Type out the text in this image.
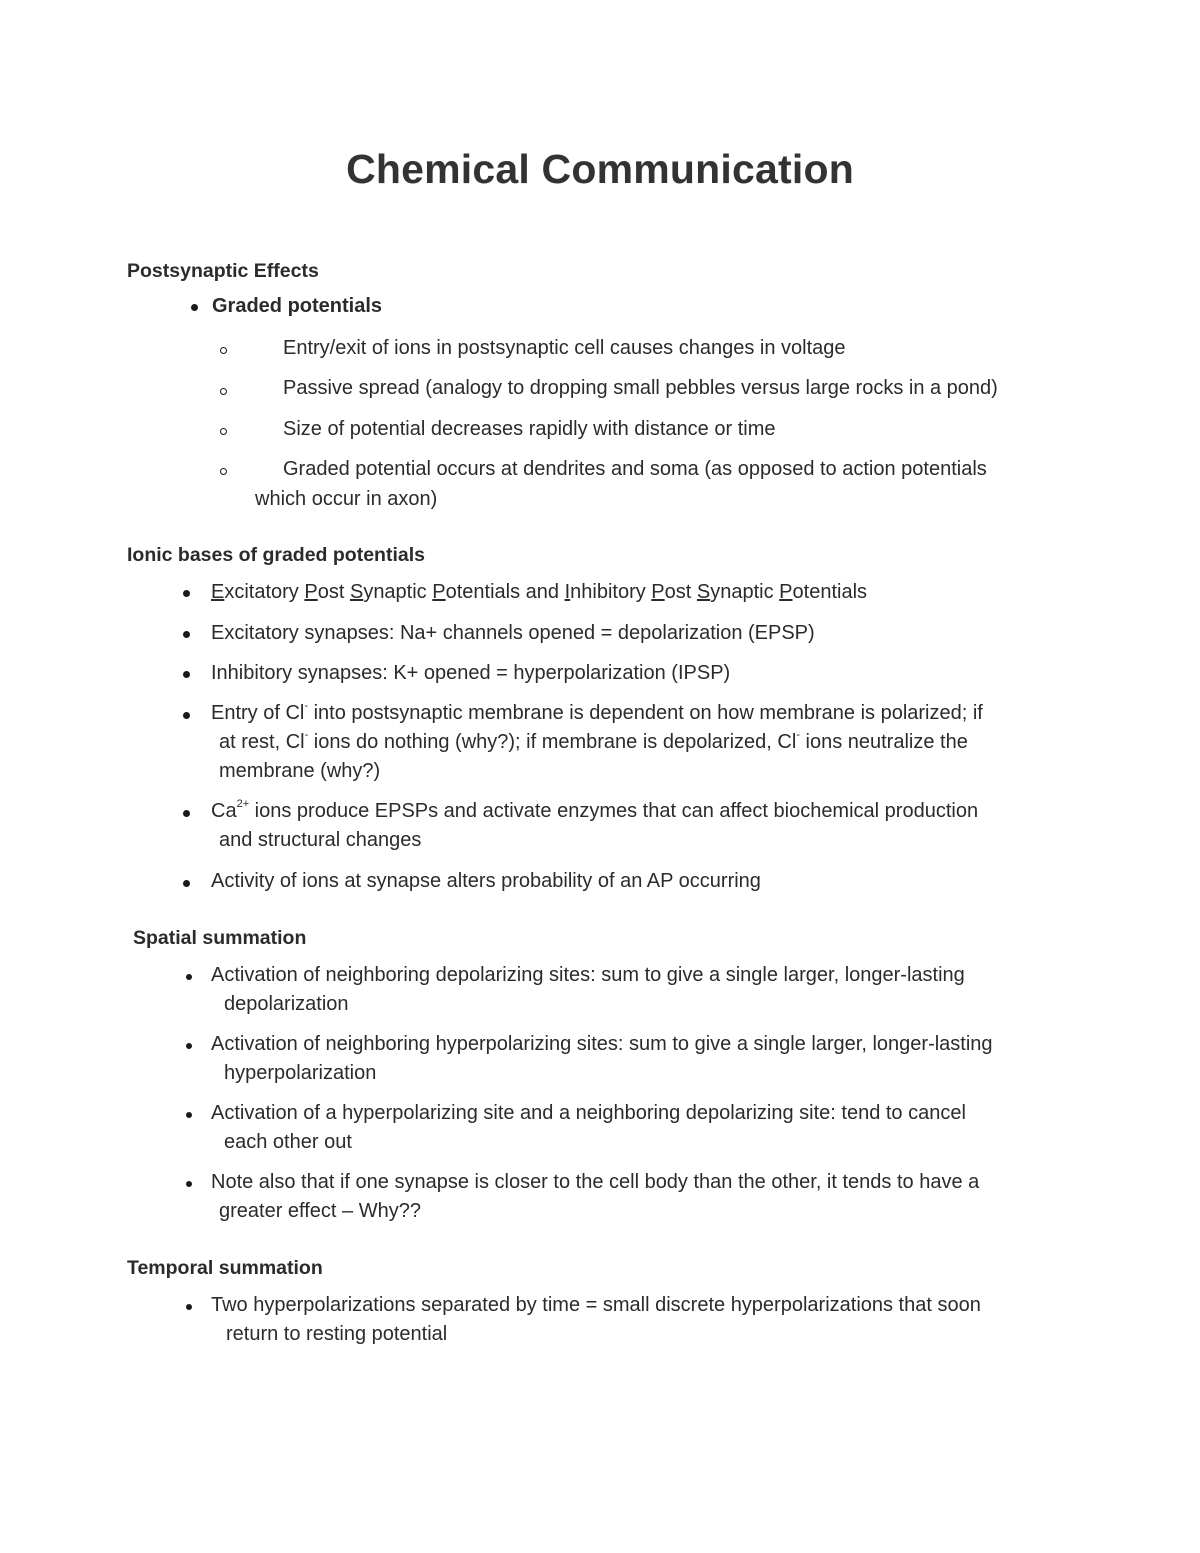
Chemical Communication
Postsynaptic Effects
Graded potentials
Entry/exit of ions in postsynaptic cell causes changes in voltage
Passive spread (analogy to dropping small pebbles versus large rocks in a pond)
Size of potential decreases rapidly with distance or time
Graded potential occurs at dendrites and soma (as opposed to action potentials
which occur in axon)
Ionic bases of graded potentials
Excitatory Post Synaptic Potentials and Inhibitory Post Synaptic Potentials
Excitatory synapses: Na+ channels opened = depolarization (EPSP)
Inhibitory synapses: K+ opened = hyperpolarization (IPSP)
Entry of Cl- into postsynaptic membrane is dependent on how membrane is polarized; if
at rest, Cl- ions do nothing (why?); if membrane is depolarized, Cl- ions neutralize the
membrane (why?)
$Ca^{2+}$ ions produce EPSPs and activate enzymes that can affect biochemical production
and structural changes
Activity of ions at synapse alters probability of an AP occurring
Spatial summation
Activation of neighboring depolarizing sites: sum to give a single larger, longer-lasting
depolarization
Activation of neighboring hyperpolarizing sites: sum to give a single larger, longer-lasting
hyperpolarization
Activation of a hyperpolarizing site and a neighboring depolarizing site: tend to cancel
each other out
Note also that if one synapse is closer to the cell body than the other, it tends to have a
greater effect – Why??
Temporal summation
Two hyperpolarizations separated by time = small discrete hyperpolarizations that soon
return to resting potential
